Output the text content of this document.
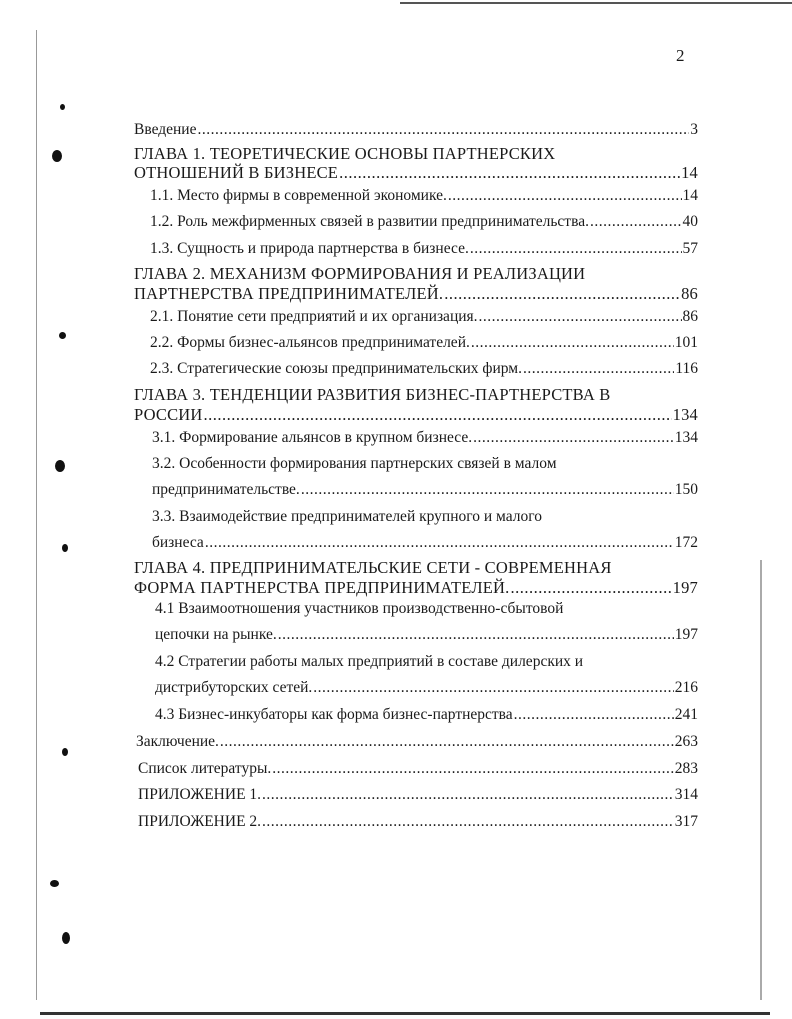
2
Введение .....	3
ГЛАВА 1. ТЕОРЕТИЧЕСКИЕ ОСНОВЫ ПАРТНЕРСКИХ
ОТНОШЕНИЙ В БИЗНЕСЕ .....	14
1.1. Место фирмы в современной экономике. .....	14
1.2. Роль межфирменных связей в развитии предпринимательства. .....	40
1.3. Сущность и природа партнерства в бизнесе. .....	57
ГЛАВА 2. МЕХАНИЗМ ФОРМИРОВАНИЯ И РЕАЛИЗАЦИИ
ПАРТНЕРСТВА ПРЕДПРИНИМАТЕЛЕЙ. .....	86
2.1. Понятие сети предприятий и их организация. .....	86
2.2. Формы бизнес-альянсов предпринимателей. .....	101
2.3. Стратегические союзы предпринимательских фирм. .....	116
ГЛАВА 3. ТЕНДЕНЦИИ РАЗВИТИЯ БИЗНЕС-ПАРТНЕРСТВА В
РОССИИ .....	134
3.1. Формирование альянсов в крупном бизнесе. .....	134
3.2. Особенности формирования партнерских связей в малом
предпринимательстве. .....	150
3.3. Взаимодействие предпринимателей крупного и малого
бизнеса .....	172
ГЛАВА 4. ПРЕДПРИНИМАТЕЛЬСКИЕ СЕТИ - СОВРЕМЕННАЯ
ФОРМА ПАРТНЕРСТВА ПРЕДПРИНИМАТЕЛЕЙ. .....	197
4.1 Взаимоотношения участников производственно-сбытовой
цепочки на рынке. .....	197
4.2 Стратегии работы малых предприятий в составе дилерских и
дистрибуторских сетей. .....	216
4.3 Бизнес-инкубаторы как форма бизнес-партнерства .....	241
Заключение. .....	263
Список литературы. .....	283
ПРИЛОЖЕНИЕ 1. .....	314
ПРИЛОЖЕНИЕ 2. .....	317
